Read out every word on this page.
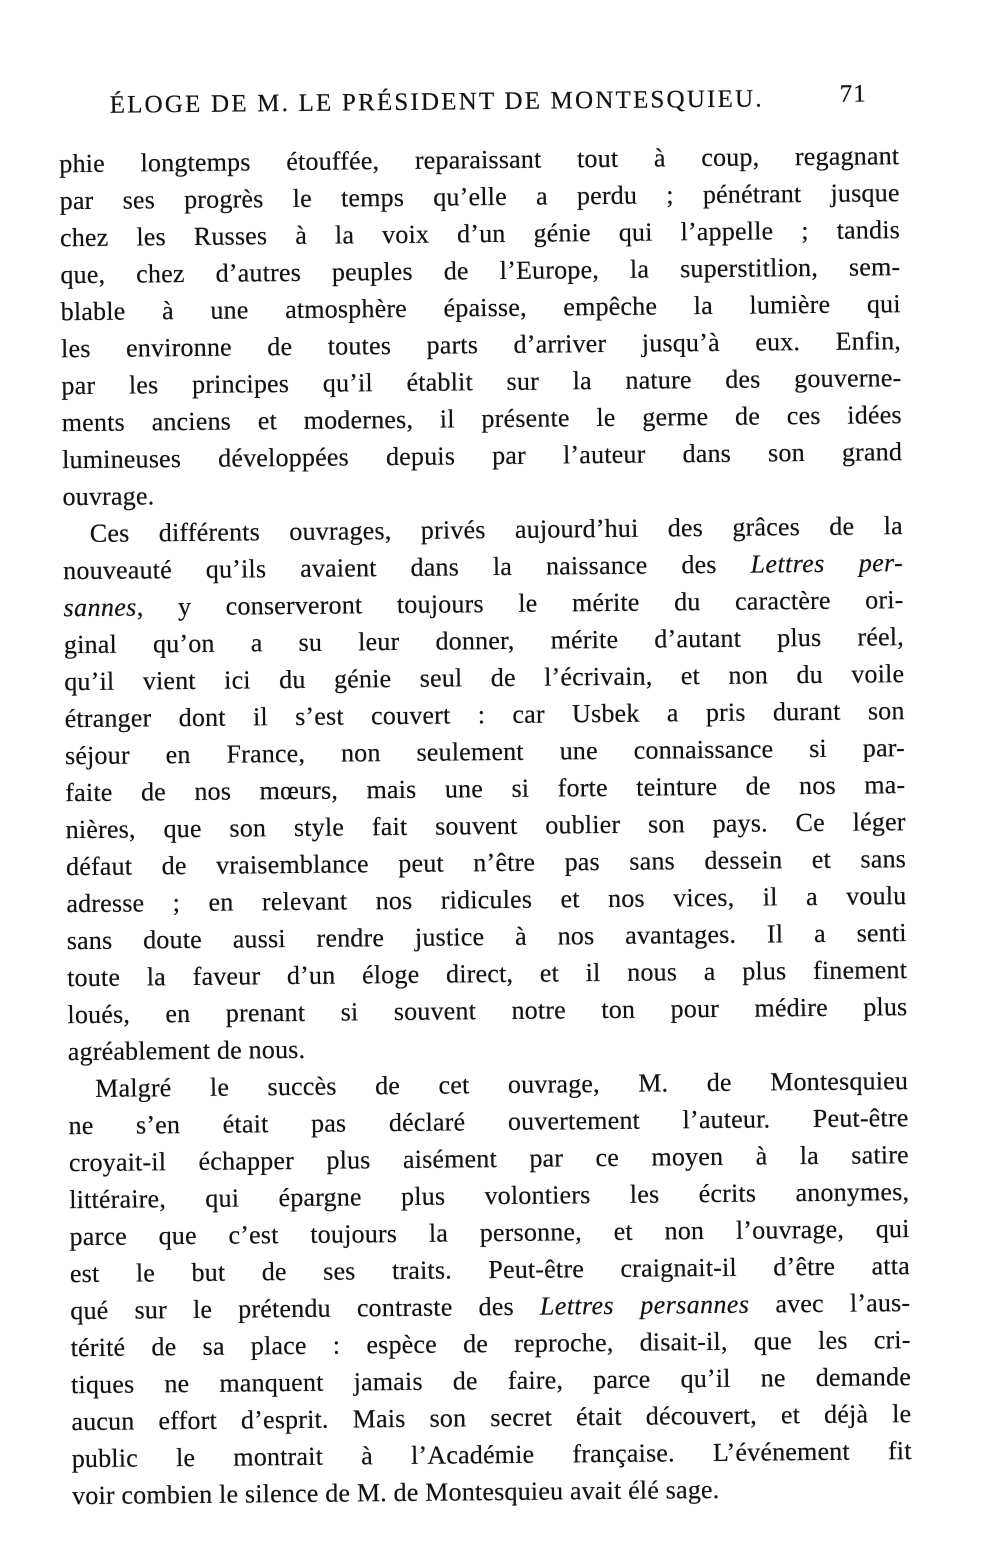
ÉLOGE DE M. LE PRÉSIDENT DE MONTESQUIEU.	71
phie longtemps étouffée, reparaissant tout à coup, regagnant
par ses progrès le temps qu’elle a perdu ; pénétrant jusque
chez les Russes à la voix d’un génie qui l’appelle ; tandis
que, chez d’autres peuples de l’Europe, la superstitlion, sem-
blable à une atmosphère épaisse, empêche la lumière qui
les environne de toutes parts d’arriver jusqu’à eux. Enfin,
par les principes qu’il établit sur la nature des gouverne-
ments anciens et modernes, il présente le germe de ces idées
lumineuses développées depuis par l’auteur dans son grand
ouvrage.
Ces différents ouvrages, privés aujourd’hui des grâces de la
nouveauté qu’ils avaient dans la naissance des Lettres per-
sannes, y conserveront toujours le mérite du caractère ori-
ginal qu’on a su leur donner, mérite d’autant plus réel,
qu’il vient ici du génie seul de l’écrivain, et non du voile
étranger dont il s’est couvert : car Usbek a pris durant son
séjour en France, non seulement une connaissance si par-
faite de nos mœurs, mais une si forte teinture de nos ma-
nières, que son style fait souvent oublier son pays. Ce léger
défaut de vraisemblance peut n’être pas sans dessein et sans
adresse ; en relevant nos ridicules et nos vices, il a voulu
sans doute aussi rendre justice à nos avantages. Il a senti
toute la faveur d’un éloge direct, et il nous a plus finement
loués, en prenant si souvent notre ton pour médire plus
agréablement de nous.
Malgré le succès de cet ouvrage, M. de Montesquieu
ne s’en était pas déclaré ouvertement l’auteur. Peut-être
croyait-il échapper plus aisément par ce moyen à la satire
littéraire, qui épargne plus volontiers les écrits anonymes,
parce que c’est toujours la personne, et non l’ouvrage, qui
est le but de ses traits. Peut-être craignait-il d’être atta
qué sur le prétendu contraste des Lettres persannes avec l’aus-
térité de sa place : espèce de reproche, disait-il, que les cri-
tiques ne manquent jamais de faire, parce qu’il ne demande
aucun effort d’esprit. Mais son secret était découvert, et déjà le
public le montrait à l’Académie française. L’événement fit
voir combien le silence de M. de Montesquieu avait élé sage.
